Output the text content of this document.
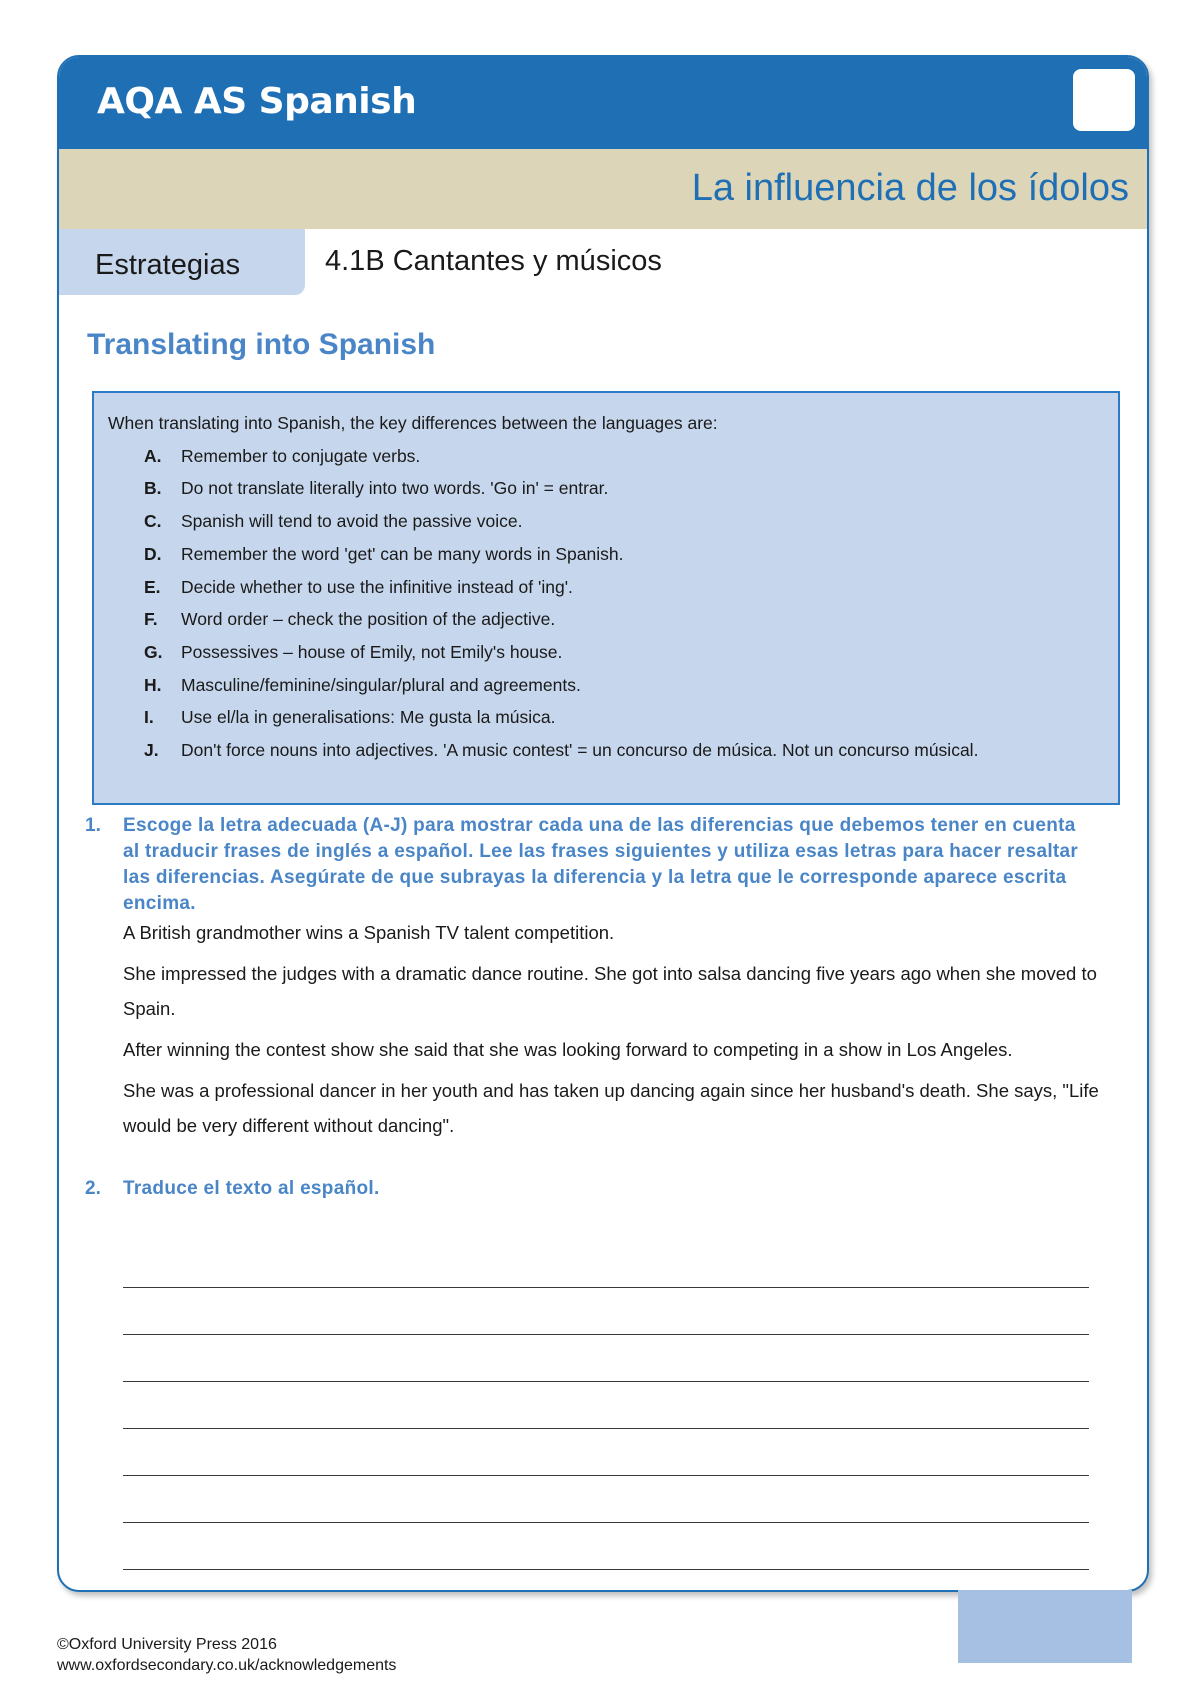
AQA AS Spanish
La influencia de los ídolos
Estrategias	4.1B Cantantes y músicos
Translating into Spanish

When translating into Spanish, the key differences between the languages are:

A.	Remember to conjugate verbs.
B.	Do not translate literally into two words. 'Go in' = entrar.
C.	Spanish will tend to avoid the passive voice.
D.	Remember the word 'get' can be many words in Spanish.
E.	Decide whether to use the infinitive instead of 'ing'.
F.	Word order – check the position of the adjective.
G.	Possessives – house of Emily, not Emily's house.
H.	Masculine/feminine/singular/plural and agreements.
I.	Use el/la in generalisations: Me gusta la música.
J.	Don't force nouns into adjectives. 'A music contest' = un concurso de música. Not un concurso músical.
1.	Escoge la letra adecuada (A-J) para mostrar cada una de las diferencias que debemos tener en cuenta al traducir frases de inglés a español. Lee las frases siguientes y utiliza esas letras para hacer resaltar las diferencias. Asegúrate de que subrayas la diferencia y la letra que le corresponde aparece escrita encima.

A British grandmother wins a Spanish TV talent competition.

She impressed the judges with a dramatic dance routine. She got into salsa dancing five years ago when she moved to Spain.

After winning the contest show she said that she was looking forward to competing in a show in Los Angeles.

She was a professional dancer in her youth and has taken up dancing again since her husband's death. She says, "Life would be very different without dancing".

2.	Traduce el texto al español.
©Oxford University Press 2016
www.oxfordsecondary.co.uk/acknowledgements
